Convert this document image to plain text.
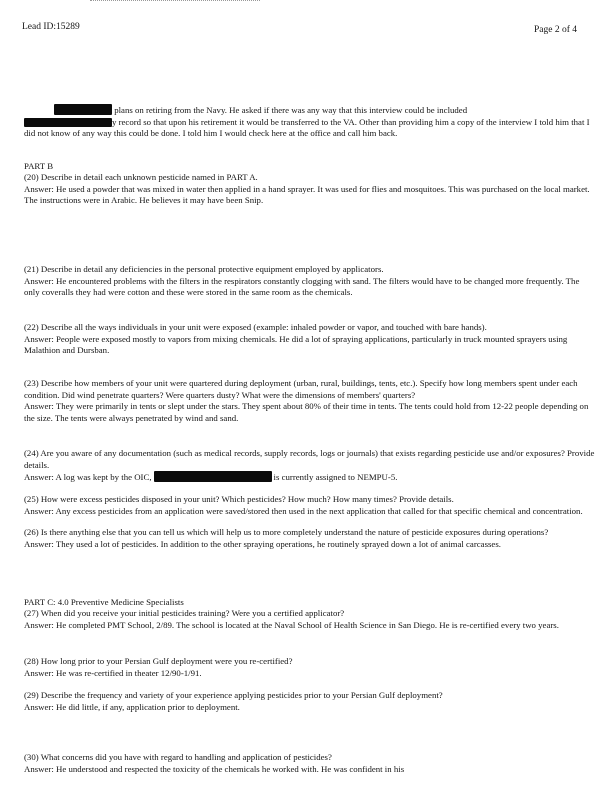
Lead ID:15289	Page 2 of 4

plans on retiring from the Navy. He asked if there was any way that this interview could be included

y record so that upon his retirement it would be transferred to the VA. Other than providing him a copy of the interview I told him that I did not know of any way this could be done. I told him I would check here at the office and call him back.

PART B

(20) Describe in detail each unknown pesticide named in PART A.

Answer: He used a powder that was mixed in water then applied in a hand sprayer. It was used for flies and mosquitoes. This was purchased on the local market. The instructions were in Arabic. He believes it may have been Snip.

(21) Describe in detail any deficiencies in the personal protective equipment employed by applicators.

Answer: He encountered problems with the filters in the respirators constantly clogging with sand. The filters would have to be changed more frequently. The only coveralls they had were cotton and these were stored in the same room as the chemicals.

(22) Describe all the ways individuals in your unit were exposed (example: inhaled powder or vapor, and touched with bare hands).

Answer: People were exposed mostly to vapors from mixing chemicals. He did a lot of spraying applications, particularly in truck mounted sprayers using Malathion and Dursban.

(23) Describe how members of your unit were quartered during deployment (urban, rural, buildings, tents, etc.). Specify how long members spent under each condition. Did wind penetrate quarters? Were quarters dusty? What were the dimensions of members' quarters?

Answer: They were primarily in tents or slept under the stars. They spent about 80% of their time in tents. The tents could hold from 12-22 people depending on the size. The tents were always penetrated by wind and sand.

(24) Are you aware of any documentation (such as medical records, supply records, logs or journals) that exists regarding pesticide use and/or exposures? Provide details.

Answer: A log was kept by the OIC,	is currently assigned to NEMPU-5.

(25) How were excess pesticides disposed in your unit? Which pesticides? How much? How many times? Provide details.

Answer: Any excess pesticides from an application were saved/stored then used in the next application that called for that specific chemical and concentration.

(26) Is there anything else that you can tell us which will help us to more completely understand the nature of pesticide exposures during operations?

Answer: They used a lot of pesticides. In addition to the other spraying operations, he routinely sprayed down a lot of animal carcasses.

PART C: 4.0 Preventive Medicine Specialists

(27) When did you receive your initial pesticides training? Were you a certified applicator?

Answer: He completed PMT School, 2/89. The school is located at the Naval School of Health Science in San Diego. He is re-certified every two years.

(28) How long prior to your Persian Gulf deployment were you re-certified?

Answer: He was re-certified in theater 12/90-1/91.

(29) Describe the frequency and variety of your experience applying pesticides prior to your Persian Gulf deployment?

Answer: He did little, if any, application prior to deployment.

(30) What concerns did you have with regard to handling and application of pesticides?

Answer: He understood and respected the toxicity of the chemicals he worked with. He was confident in his
